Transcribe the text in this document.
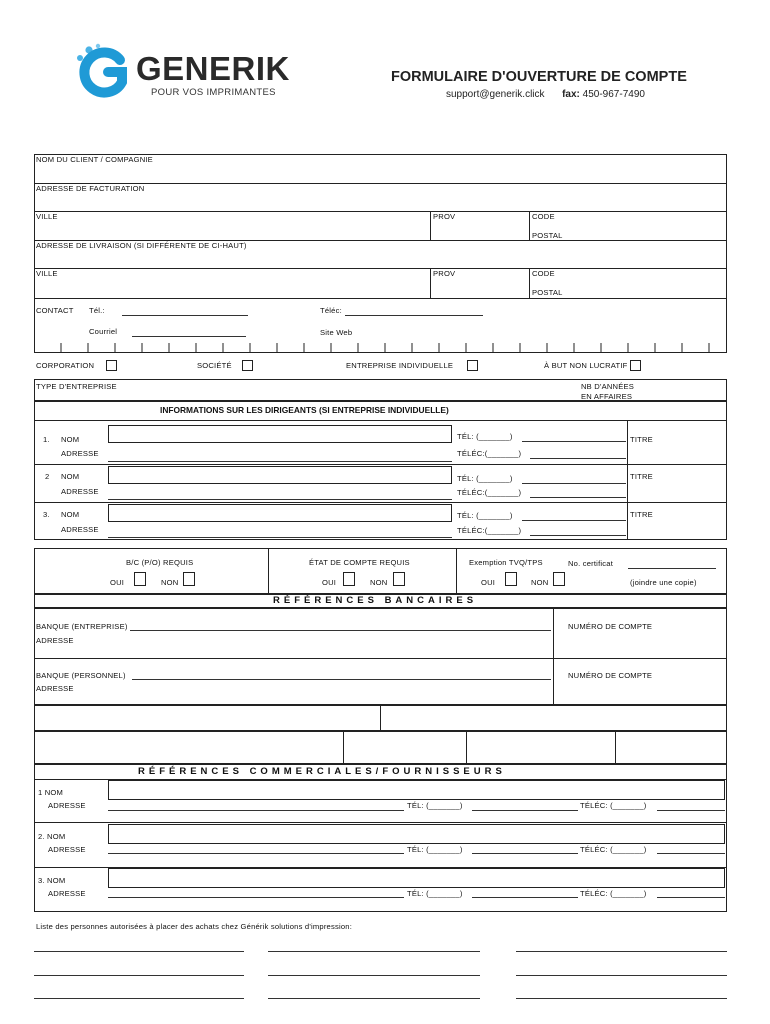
GENERIK
POUR VOS IMPRIMANTES
FORMULAIRE D'OUVERTURE DE COMPTE
support@generik.click fax: 450-967-7490
NOM DU CLIENT / COMPAGNIE
ADRESSE DE FACTURATION
VILLE	PROV	CODE
POSTAL
ADRESSE DE LIVRAISON (SI DIFFÉRENTE DE CI-HAUT)
VILLE	PROV	CODE
POSTAL
CONTACT Tél.:	Téléc:
Courriel	Site Web
CORPORATION	SOCIÉTÉ	ENTREPRISE INDIVIDUELLE	À BUT NON LUCRATIF
TYPE D'ENTREPRISE	NB D'ANNÉES
EN AFFAIRES
INFORMATIONS SUR LES DIRIGEANTS (SI ENTREPRISE INDIVIDUELLE)
1. NOM
ADRESSE
TÉL: (_______)
TÉLÉC:(_______)
TITRE
2 NOM
ADRESSE
TÉL: (_______)
TÉLÉC:(_______)
TITRE
3. NOM
ADRESSE
TÉL: (_______)
TÉLÉC:(_______)
TITRE
B/C (P/O) REQUIS
OUI	NON
ÉTAT DE COMPTE REQUIS
OUI	NON
Exemption TVQ/TPS	No. certificat
OUI	NON	(joindre une copie)
RÉFÉRENCES BANCAIRES
BANQUE (ENTREPRISE)
ADRESSE
NUMÉRO DE COMPTE
BANQUE (PERSONNEL)
ADRESSE
NUMÉRO DE COMPTE
RÉFÉRENCES COMMERCIALES/FOURNISSEURS
1 NOM
ADRESSE	TÉL: (_______)	TÉLÉC: (_______)
2. NOM
ADRESSE	TÉL: (_______)	TÉLÉC: (_______)
3. NOM
ADRESSE	TÉL: (_______)	TÉLÉC: (_______)
Liste des personnes autorisées à placer des achats chez Générik solutions d'impression:
